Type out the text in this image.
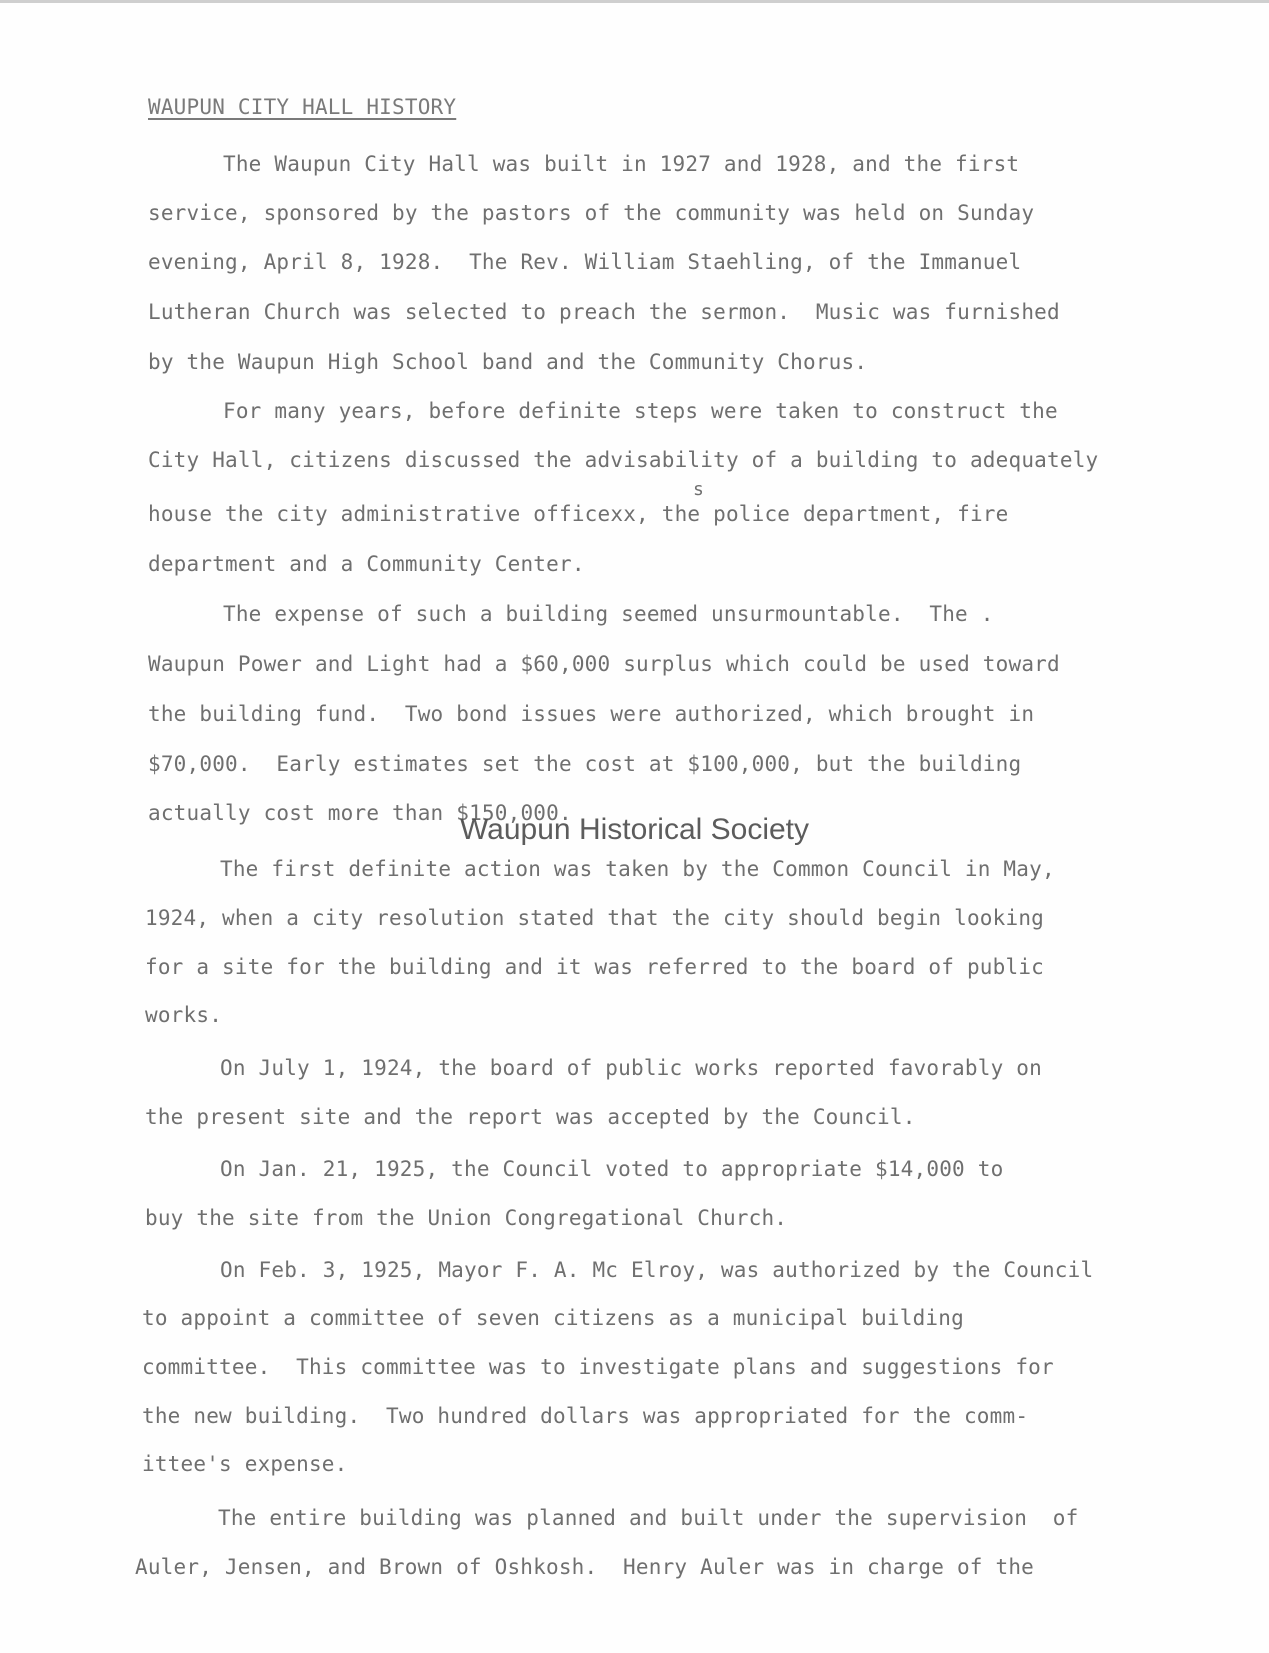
WAUPUN CITY HALL HISTORY
The Waupun City Hall was built in 1927 and 1928, and the first
service, sponsored by the pastors of the community was held on Sunday
evening, April 8, 1928.  The Rev. William Staehling, of the Immanuel
Lutheran Church was selected to preach the sermon.  Music was furnished
by the Waupun High School band and the Community Chorus.
For many years, before definite steps were taken to construct the
City Hall, citizens discussed the advisability of a building to adequately
s
house the city administrative officexx, the police department, fire
department and a Community Center.
The expense of such a building seemed unsurmountable.  The .
Waupun Power and Light had a $60,000 surplus which could be used toward
the building fund.  Two bond issues were authorized, which brought in
$70,000.  Early estimates set the cost at $100,000, but the building
actually cost more than $150,000.
Waupun Historical Society
The first definite action was taken by the Common Council in May,
1924, when a city resolution stated that the city should begin looking
for a site for the building and it was referred to the board of public
works.
On July 1, 1924, the board of public works reported favorably on
the present site and the report was accepted by the Council.
On Jan. 21, 1925, the Council voted to appropriate $14,000 to
buy the site from the Union Congregational Church.
On Feb. 3, 1925, Mayor F. A. Mc Elroy, was authorized by the Council
to appoint a committee of seven citizens as a municipal building
committee.  This committee was to investigate plans and suggestions for
the new building.  Two hundred dollars was appropriated for the comm-
ittee's expense.
The entire building was planned and built under the supervision  of
Auler, Jensen, and Brown of Oshkosh.  Henry Auler was in charge of the
